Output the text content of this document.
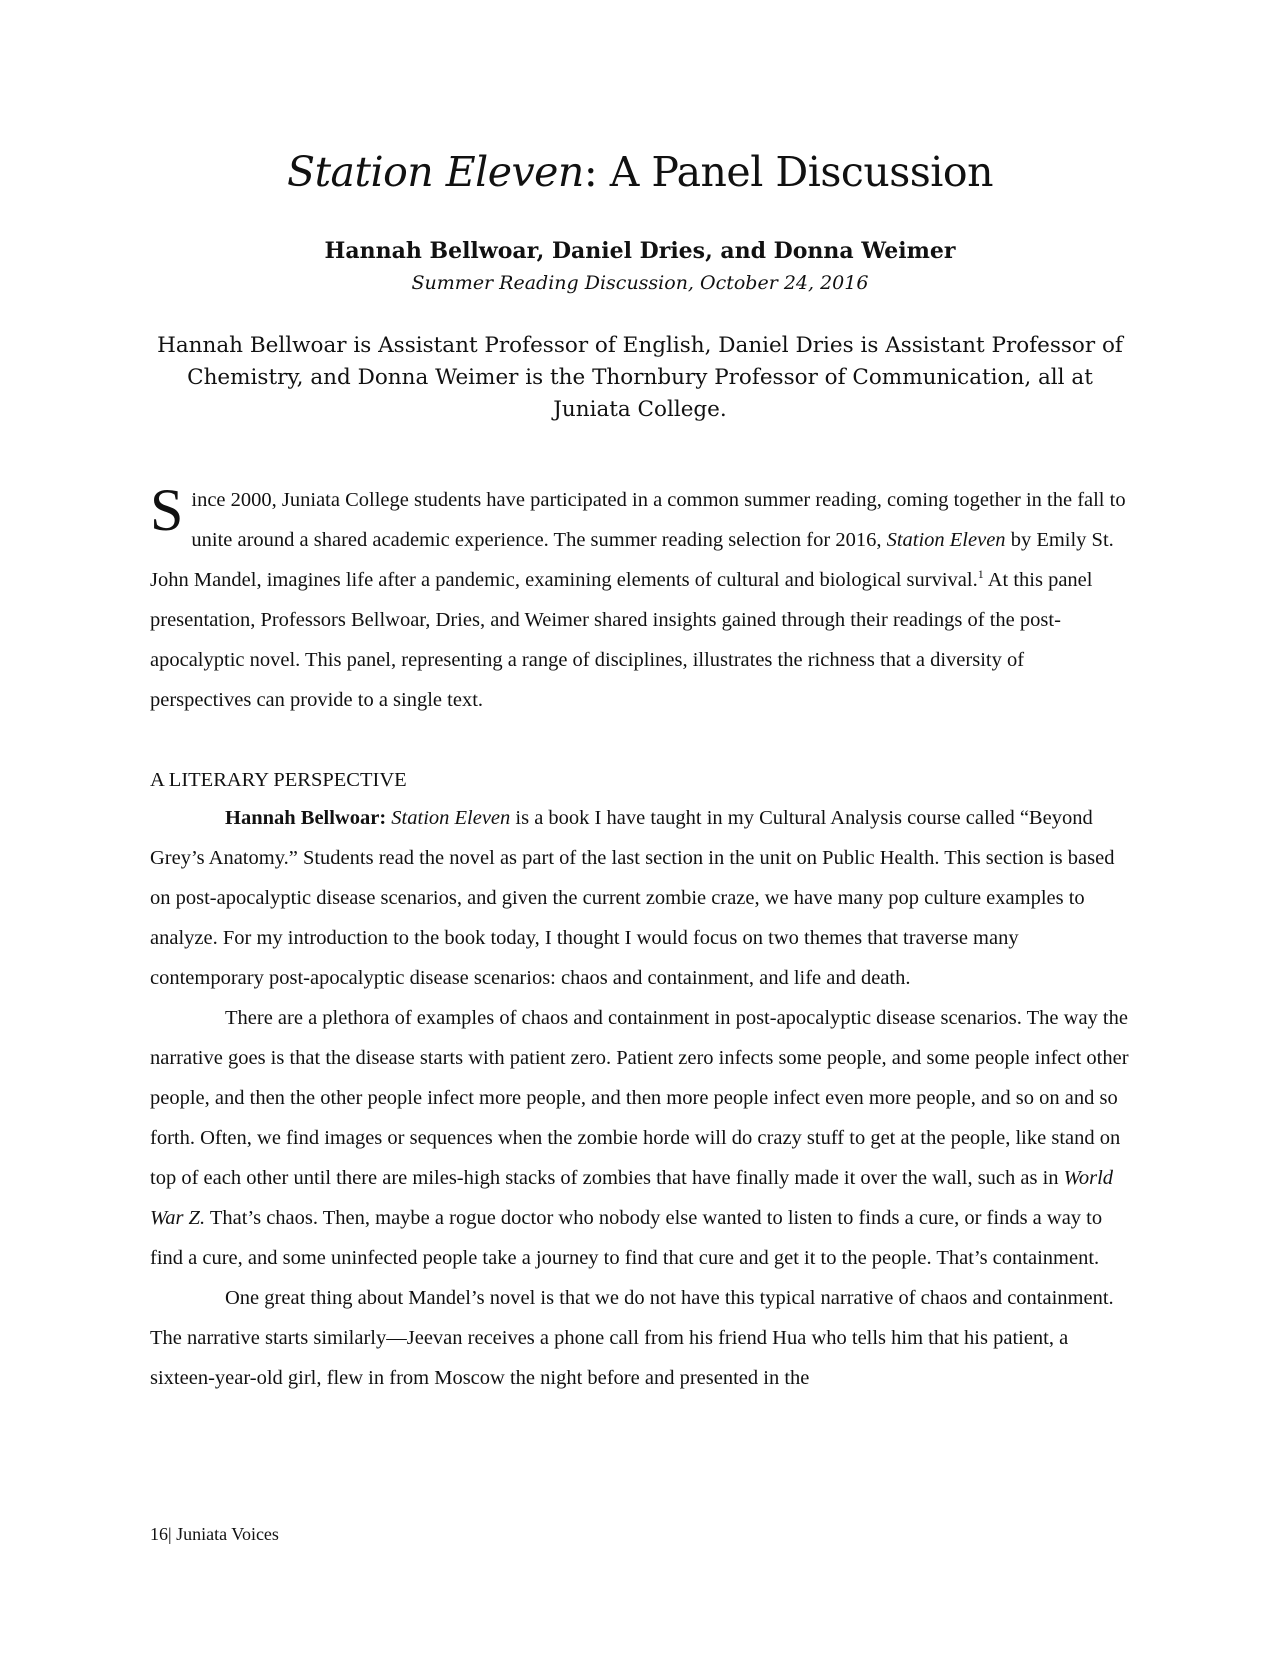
Station Eleven: A Panel Discussion

Hannah Bellwoar, Daniel Dries, and Donna Weimer

Summer Reading Discussion, October 24, 2016

Hannah Bellwoar is Assistant Professor of English, Daniel Dries is Assistant Professor of Chemistry, and Donna Weimer is the Thornbury Professor of Communication, all at Juniata College.

Since 2000, Juniata College students have participated in a common summer reading, coming together in the fall to unite around a shared academic experience. The summer reading selection for 2016, Station Eleven by Emily St. John Mandel, imagines life after a pandemic, examining elements of cultural and biological survival.$^1$ At this panel presentation, Professors Bellwoar, Dries, and Weimer shared insights gained through their readings of the post-apocalyptic novel. This panel, representing a range of disciplines, illustrates the richness that a diversity of perspectives can provide to a single text.

A LITERARY PERSPECTIVE

Hannah Bellwoar: Station Eleven is a book I have taught in my Cultural Analysis course called “Beyond Grey’s Anatomy.” Students read the novel as part of the last section in the unit on Public Health. This section is based on post-apocalyptic disease scenarios, and given the current zombie craze, we have many pop culture examples to analyze. For my introduction to the book today, I thought I would focus on two themes that traverse many contemporary post-apocalyptic disease scenarios: chaos and containment, and life and death.

There are a plethora of examples of chaos and containment in post-apocalyptic disease scenarios. The way the narrative goes is that the disease starts with patient zero. Patient zero infects some people, and some people infect other people, and then the other people infect more people, and then more people infect even more people, and so on and so forth. Often, we find images or sequences when the zombie horde will do crazy stuff to get at the people, like stand on top of each other until there are miles-high stacks of zombies that have finally made it over the wall, such as in World War Z. That’s chaos. Then, maybe a rogue doctor who nobody else wanted to listen to finds a cure, or finds a way to find a cure, and some uninfected people take a journey to find that cure and get it to the people. That’s containment.

One great thing about Mandel’s novel is that we do not have this typical narrative of chaos and containment. The narrative starts similarly—Jeevan receives a phone call from his friend Hua who tells him that his patient, a sixteen-year-old girl, flew in from Moscow the night before and presented in the

16| Juniata Voices
